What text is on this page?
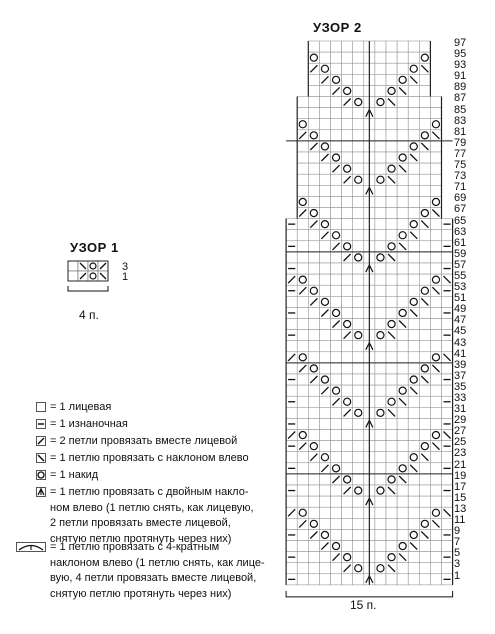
УЗОР 1
3
1
4 п.
УЗОР 2
97
95
93
91
89
87
85
83
81
79
77
75
73
71
69
67
65
63
61
59
57
55
53
51
49
47
45
43
41
39
37
35
33
31
29
27
25
23
21
19
17
15
13
11
9
7
5
3
1
15 п.
= 1 лицевая
= 1 изнаночная
= 2 петли провязать вместе лицевой
= 1 петлю провязать с наклоном влево
= 1 накид
= 1 петлю провязать с двойным накло-
ном влево (1 петлю снять, как лицевую,
2 петли провязать вместе лицевой,
снятую петлю протянуть через них)
= 1 петлю провязать с 4-кратным
наклоном влево (1 петлю снять, как лице-
вую, 4 петли провязать вместе лицевой,
снятую петлю протянуть через них)
